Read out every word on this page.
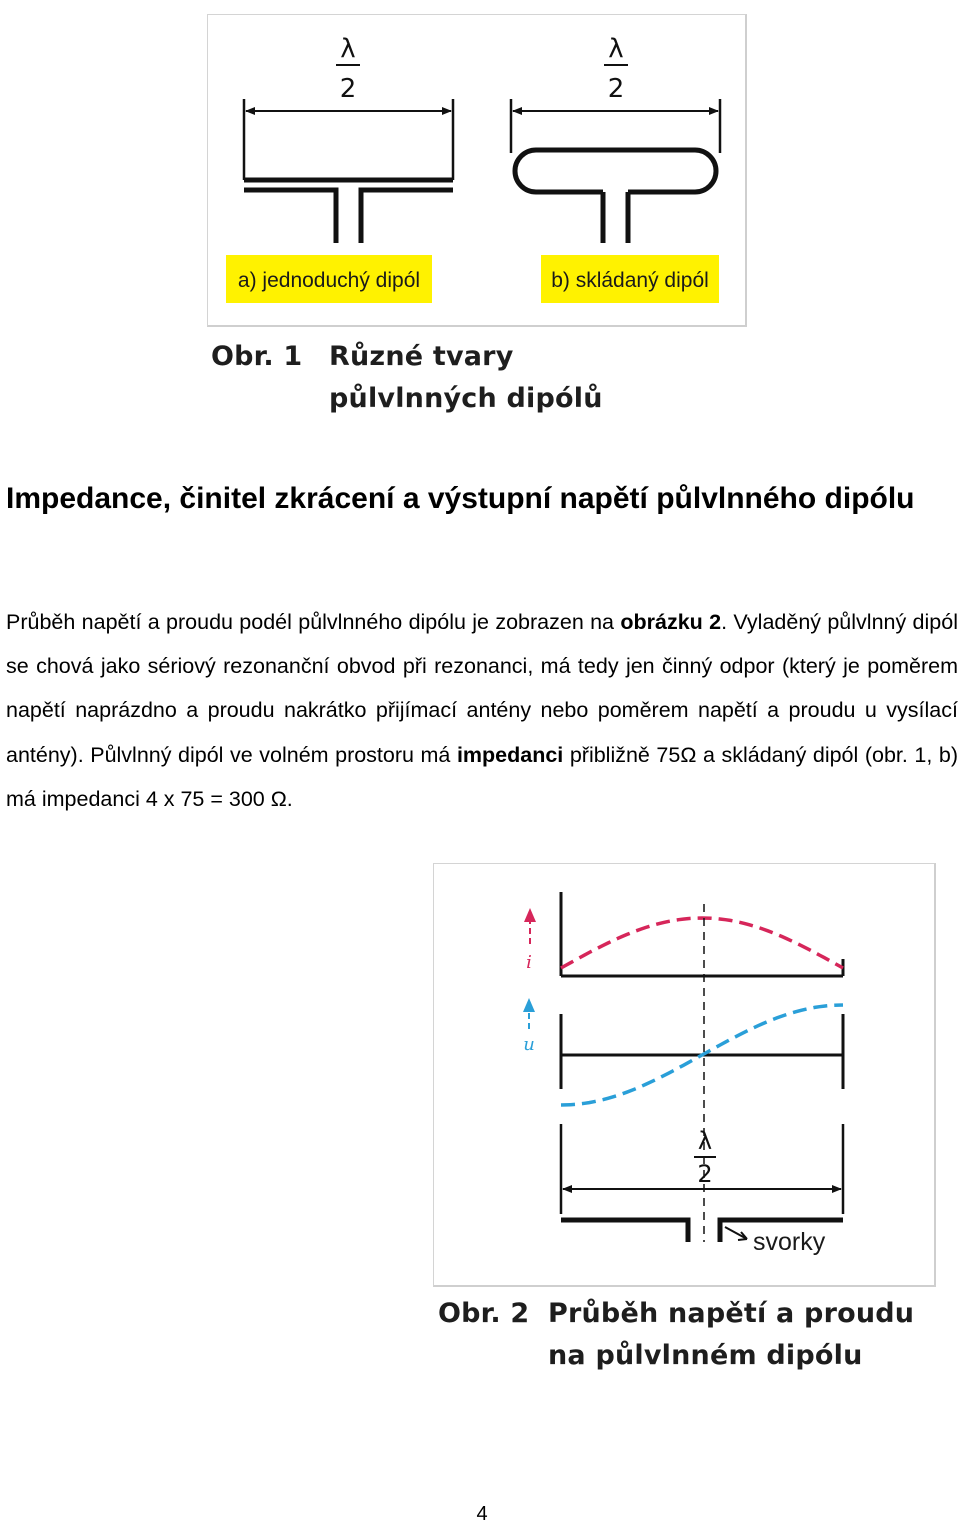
λ
2
λ
2
a) jednoduchý dipól	b) skládaný dipól
Obr. 1 Různé tvary
půlvlnných dipólů
Impedance, činitel zkrácení a výstupní napětí půlvlnného dipólu

Průběh napětí a proudu podél půlvlnného dipólu je zobrazen na obrázku 2. Vyladěný půlvlnný dipól se chová jako sériový rezonanční obvod při rezonanci, má tedy jen činný odpor (který je poměrem napětí naprázdno a proudu nakrátko přijímací antény nebo poměrem napětí a proudu u vysílací antény). Půlvlnný dipól ve volném prostoru má impedanci přibližně 75Ω a skládaný dipól (obr. 1, b) má impedanci 4 x 75 = 300 Ω.

i
u
λ
2
svorky
Obr. 2 Průběh napětí a proudu
na půlvlnném dipólu
4
